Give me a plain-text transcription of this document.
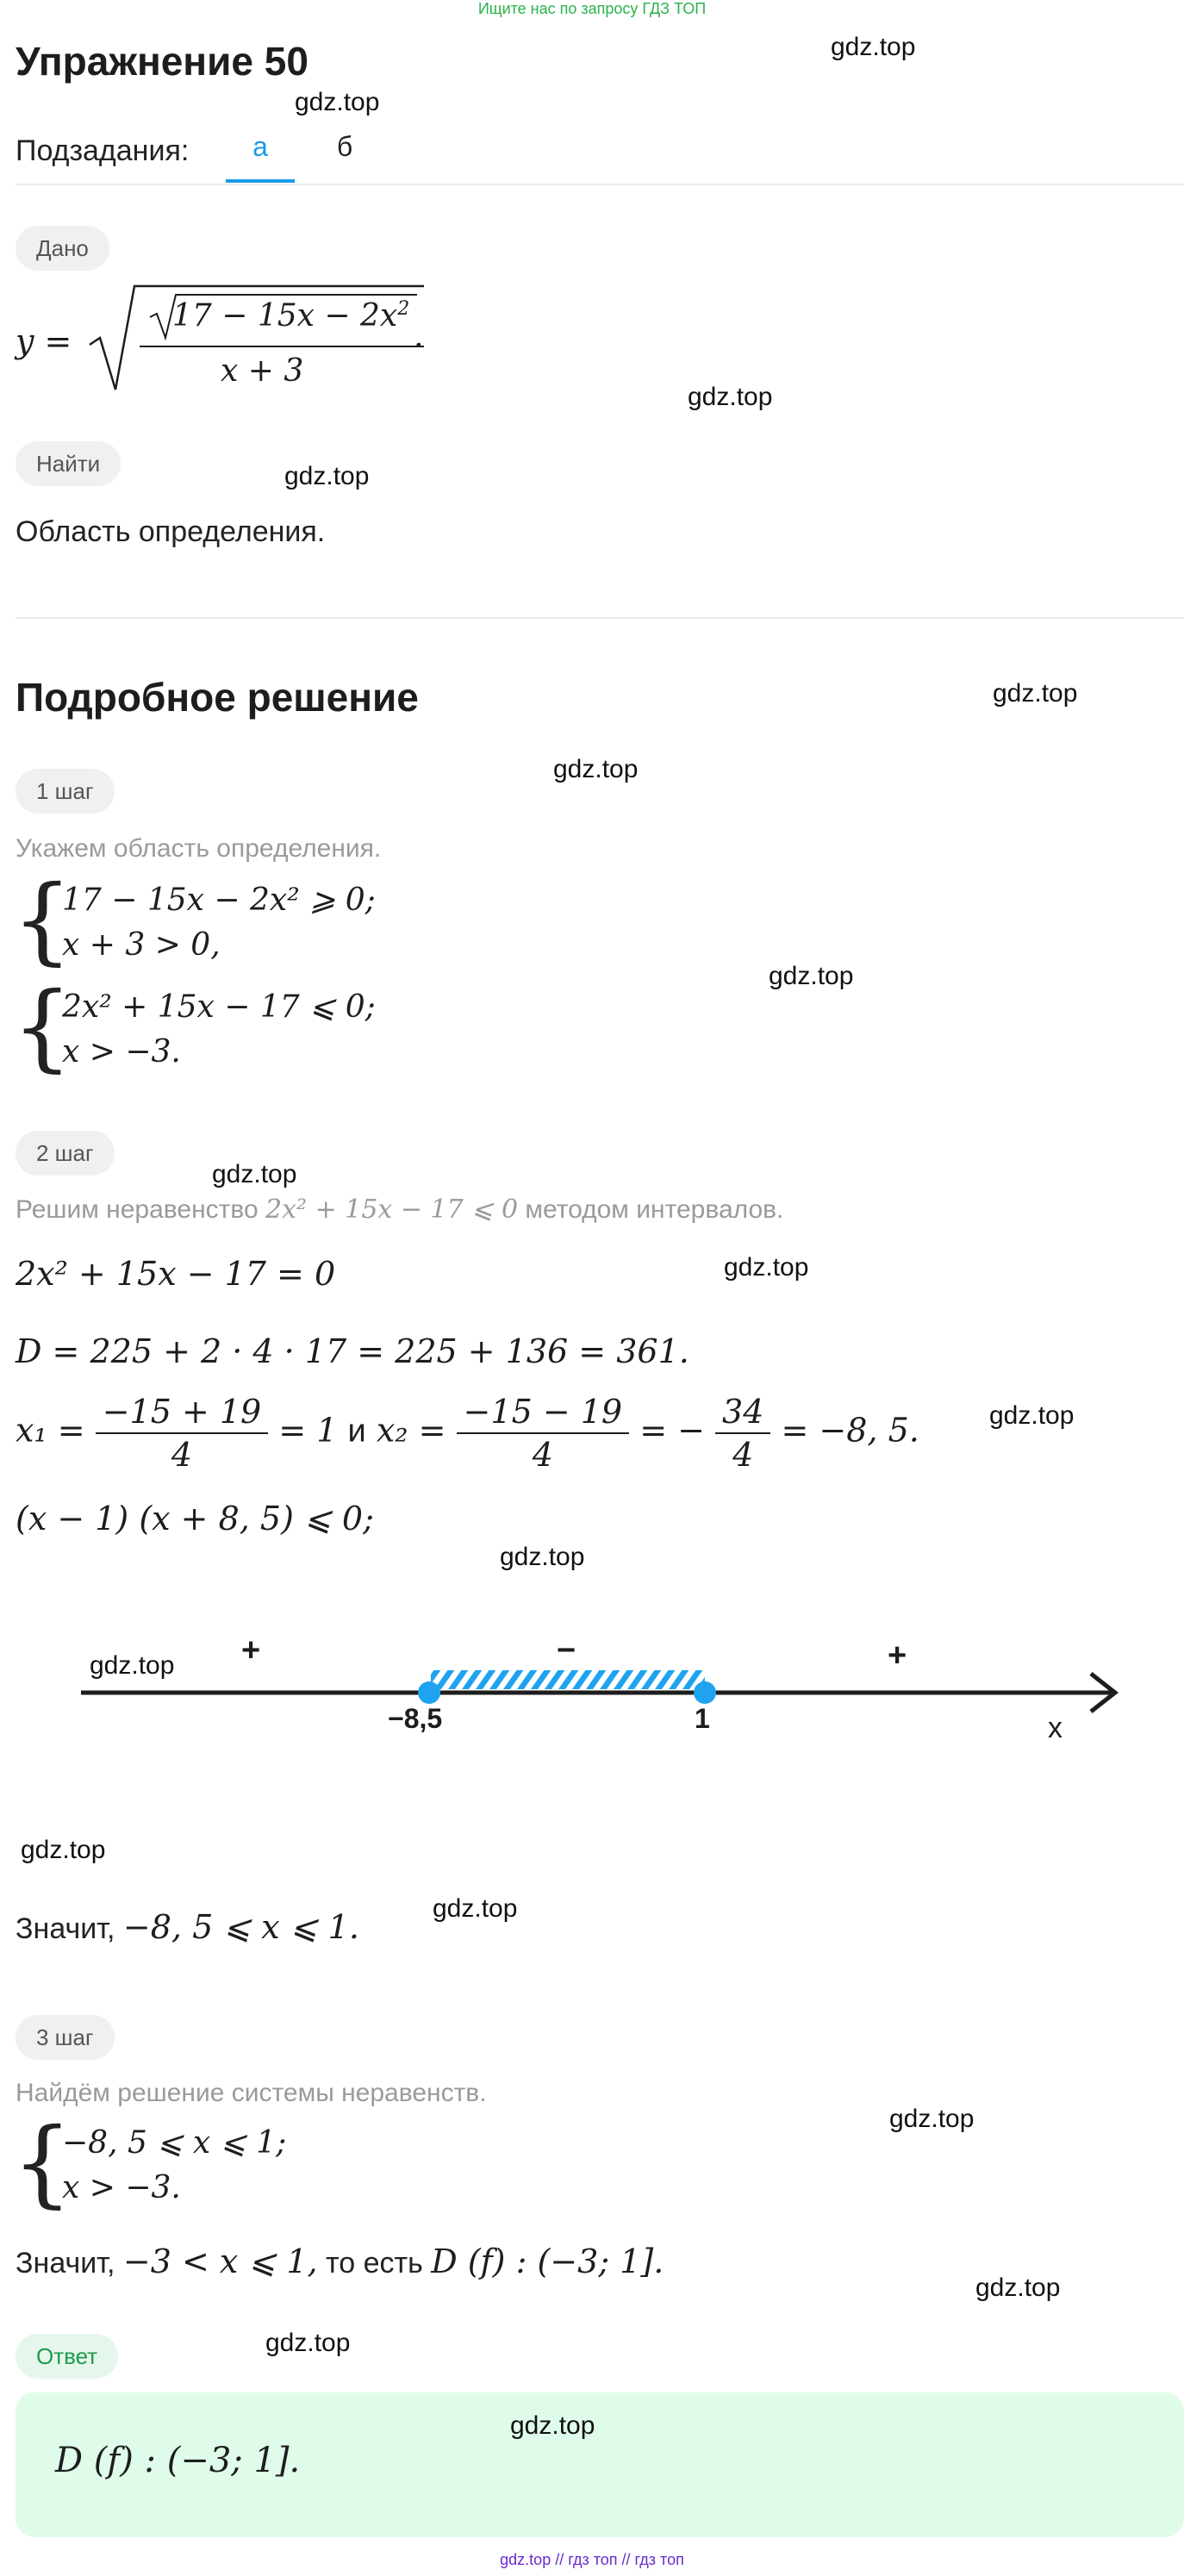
Ищите нас по запросу ГДЗ ТОП
Упражнение 50
Подзадания:	а	б
Дано
y =
$17 - 15x - 2x^2$
x + 3
.
Найти
Область определения.
Подробное решение
1 шаг
Укажем область определения.
{
17 − 15x − 2x² ⩾ 0;
x + 3 > 0,
{
2x² + 15x − 17 ⩽ 0;
x > −3.
2 шаг
Решим неравенство 2x² + 15x − 17 ⩽ 0 методом интервалов.
2x² + 15x − 17 = 0
D = 225 + 2 · 4 · 17 = 225 + 136 = 361.
$x_1 = \frac{-15 + 19}{4} = 1$ и $x_2 = \frac{-15 - 19}{4}$ = − $\frac{34}{4} = -8$, 5.
(x − 1) (x + 8, 5) ⩽ 0;
+	−	+
−8,5	1	x
Значит, −8, 5 ⩽ x ⩽ 1.
3 шаг
Найдём решение системы неравенств.
{
−8, 5 ⩽ x ⩽ 1;
x > −3.
Значит, −3 < x ⩽ 1, то есть D (f) : (−3; 1].
Ответ
D (f) : (−3; 1].
gdz.top
gdz.top
gdz.top
gdz.top
gdz.top
gdz.top
gdz.top
gdz.top
gdz.top
gdz.top
gdz.top
gdz.top
gdz.top
gdz.top
gdz.top
gdz.top
gdz.top
gdz.top
gdz.top // гдз топ // гдз топ
